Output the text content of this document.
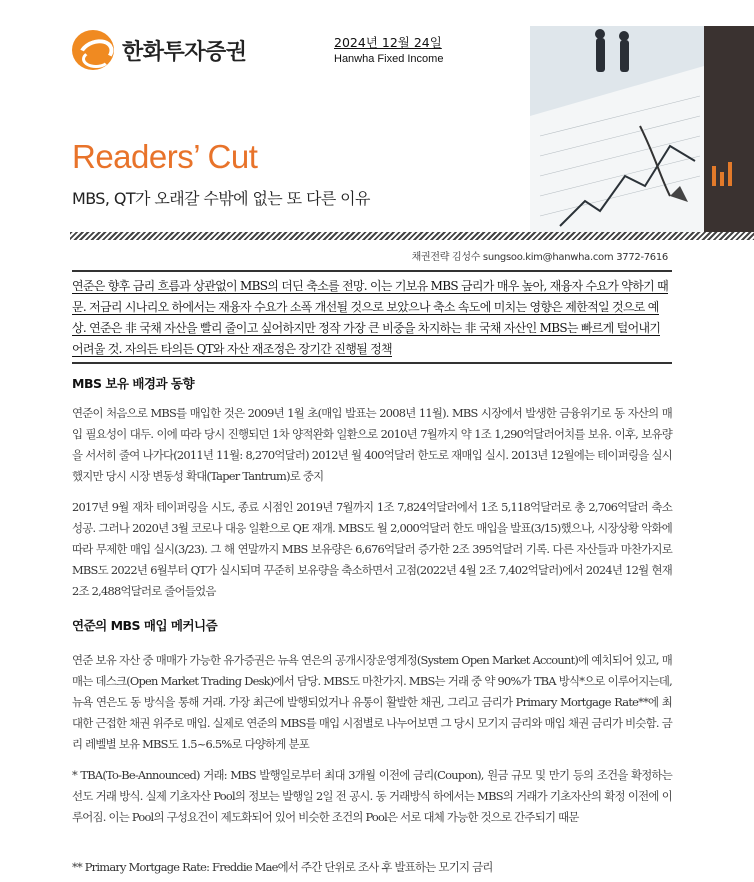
한화투자증권	2024년 12월 24일
Hanwha Fixed Income
Readers’ Cut
MBS, QT가 오래갈 수밖에 없는 또 다른 이유
채권전략 김성수 sungsoo.kim@hanwha.com 3772-7616
연준은 향후 금리 흐름과 상관없이 MBS의 더딘 축소를 전망. 이는 기보유 MBS 금리가 매우 높아, 재융자 수요가 약하기 때문. 저금리 시나리오 하에서는 재융자 수요가 소폭 개선될 것으로 보았으나 축소 속도에 미치는 영향은 제한적일 것으로 예상. 연준은 非 국채 자산을 빨리 줄이고 싶어하지만 정작 가장 큰 비중을 차지하는 非 국채 자산인 MBS는 빠르게 털어내기 어려울 것. 자의든 타의든 QT와 자산 재조정은 장기간 진행될 정책
MBS 보유 배경과 동향
연준이 처음으로 MBS를 매입한 것은 2009년 1월 초(매입 발표는 2008년 11월). MBS 시장에서 발생한 금융위기로 동 자산의 매입 필요성이 대두. 이에 따라 당시 진행되던 1차 양적완화 일환으로 2010년 7월까지 약 1조 1,290억달러어치를 보유. 이후, 보유량을 서서히 줄여 나가다(2011년 11월: 8,270억달러) 2012년 월 400억달러 한도로 재매입 실시. 2013년 12월에는 테이퍼링을 실시했지만 당시 시장 변동성 확대(Taper Tantrum)로 중지
2017년 9월 재차 테이퍼링을 시도, 종료 시점인 2019년 7월까지 1조 7,824억달러에서 1조 5,118억달러로 총 2,706억달러 축소 성공. 그러나 2020년 3월 코로나 대응 일환으로 QE 재개. MBS도 월 2,000억달러 한도 매입을 발표(3/15)했으나, 시장상황 악화에 따라 무제한 매입 실시(3/23). 그 해 연말까지 MBS 보유량은 6,676억달러 증가한 2조 395억달러 기록. 다른 자산들과 마찬가지로 MBS도 2022년 6월부터 QT가 실시되며 꾸준히 보유량을 축소하면서 고점(2022년 4월 2조 7,402억달러)에서 2024년 12월 현재 2조 2,488억달러로 줄어들었음
연준의 MBS 매입 메커니즘
연준 보유 자산 중 매매가 가능한 유가증권은 뉴욕 연은의 공개시장운영계정(System Open Market Account)에 예치되어 있고, 매매는 데스크(Open Market Trading Desk)에서 담당. MBS도 마찬가지. MBS는 거래 중 약 90%가 TBA 방식*으로 이루어지는데, 뉴욕 연은도 동 방식을 통해 거래. 가장 최근에 발행되었거나 유통이 활발한 채권, 그리고 금리가 Primary Mortgage Rate**에 최대한 근접한 채권 위주로 매입. 실제로 연준의 MBS를 매입 시점별로 나누어보면 그 당시 모기지 금리와 매입 채권 금리가 비슷함. 금리 레벨별 보유 MBS도 1.5~6.5%로 다양하게 분포
* TBA(To-Be-Announced) 거래: MBS 발행일로부터 최대 3개월 이전에 금리(Coupon), 원금 규모 및 만기 등의 조건을 확정하는 선도 거래 방식. 실제 기초자산 Pool의 정보는 발행일 2일 전 공시. 동 거래방식 하에서는 MBS의 거래가 기초자산의 확정 이전에 이루어짐. 이는 Pool의 구성요건이 제도화되어 있어 비슷한 조건의 Pool은 서로 대체 가능한 것으로 간주되기 때문
** Primary Mortgage Rate: Freddie Mae에서 주간 단위로 조사 후 발표하는 모기지 금리
